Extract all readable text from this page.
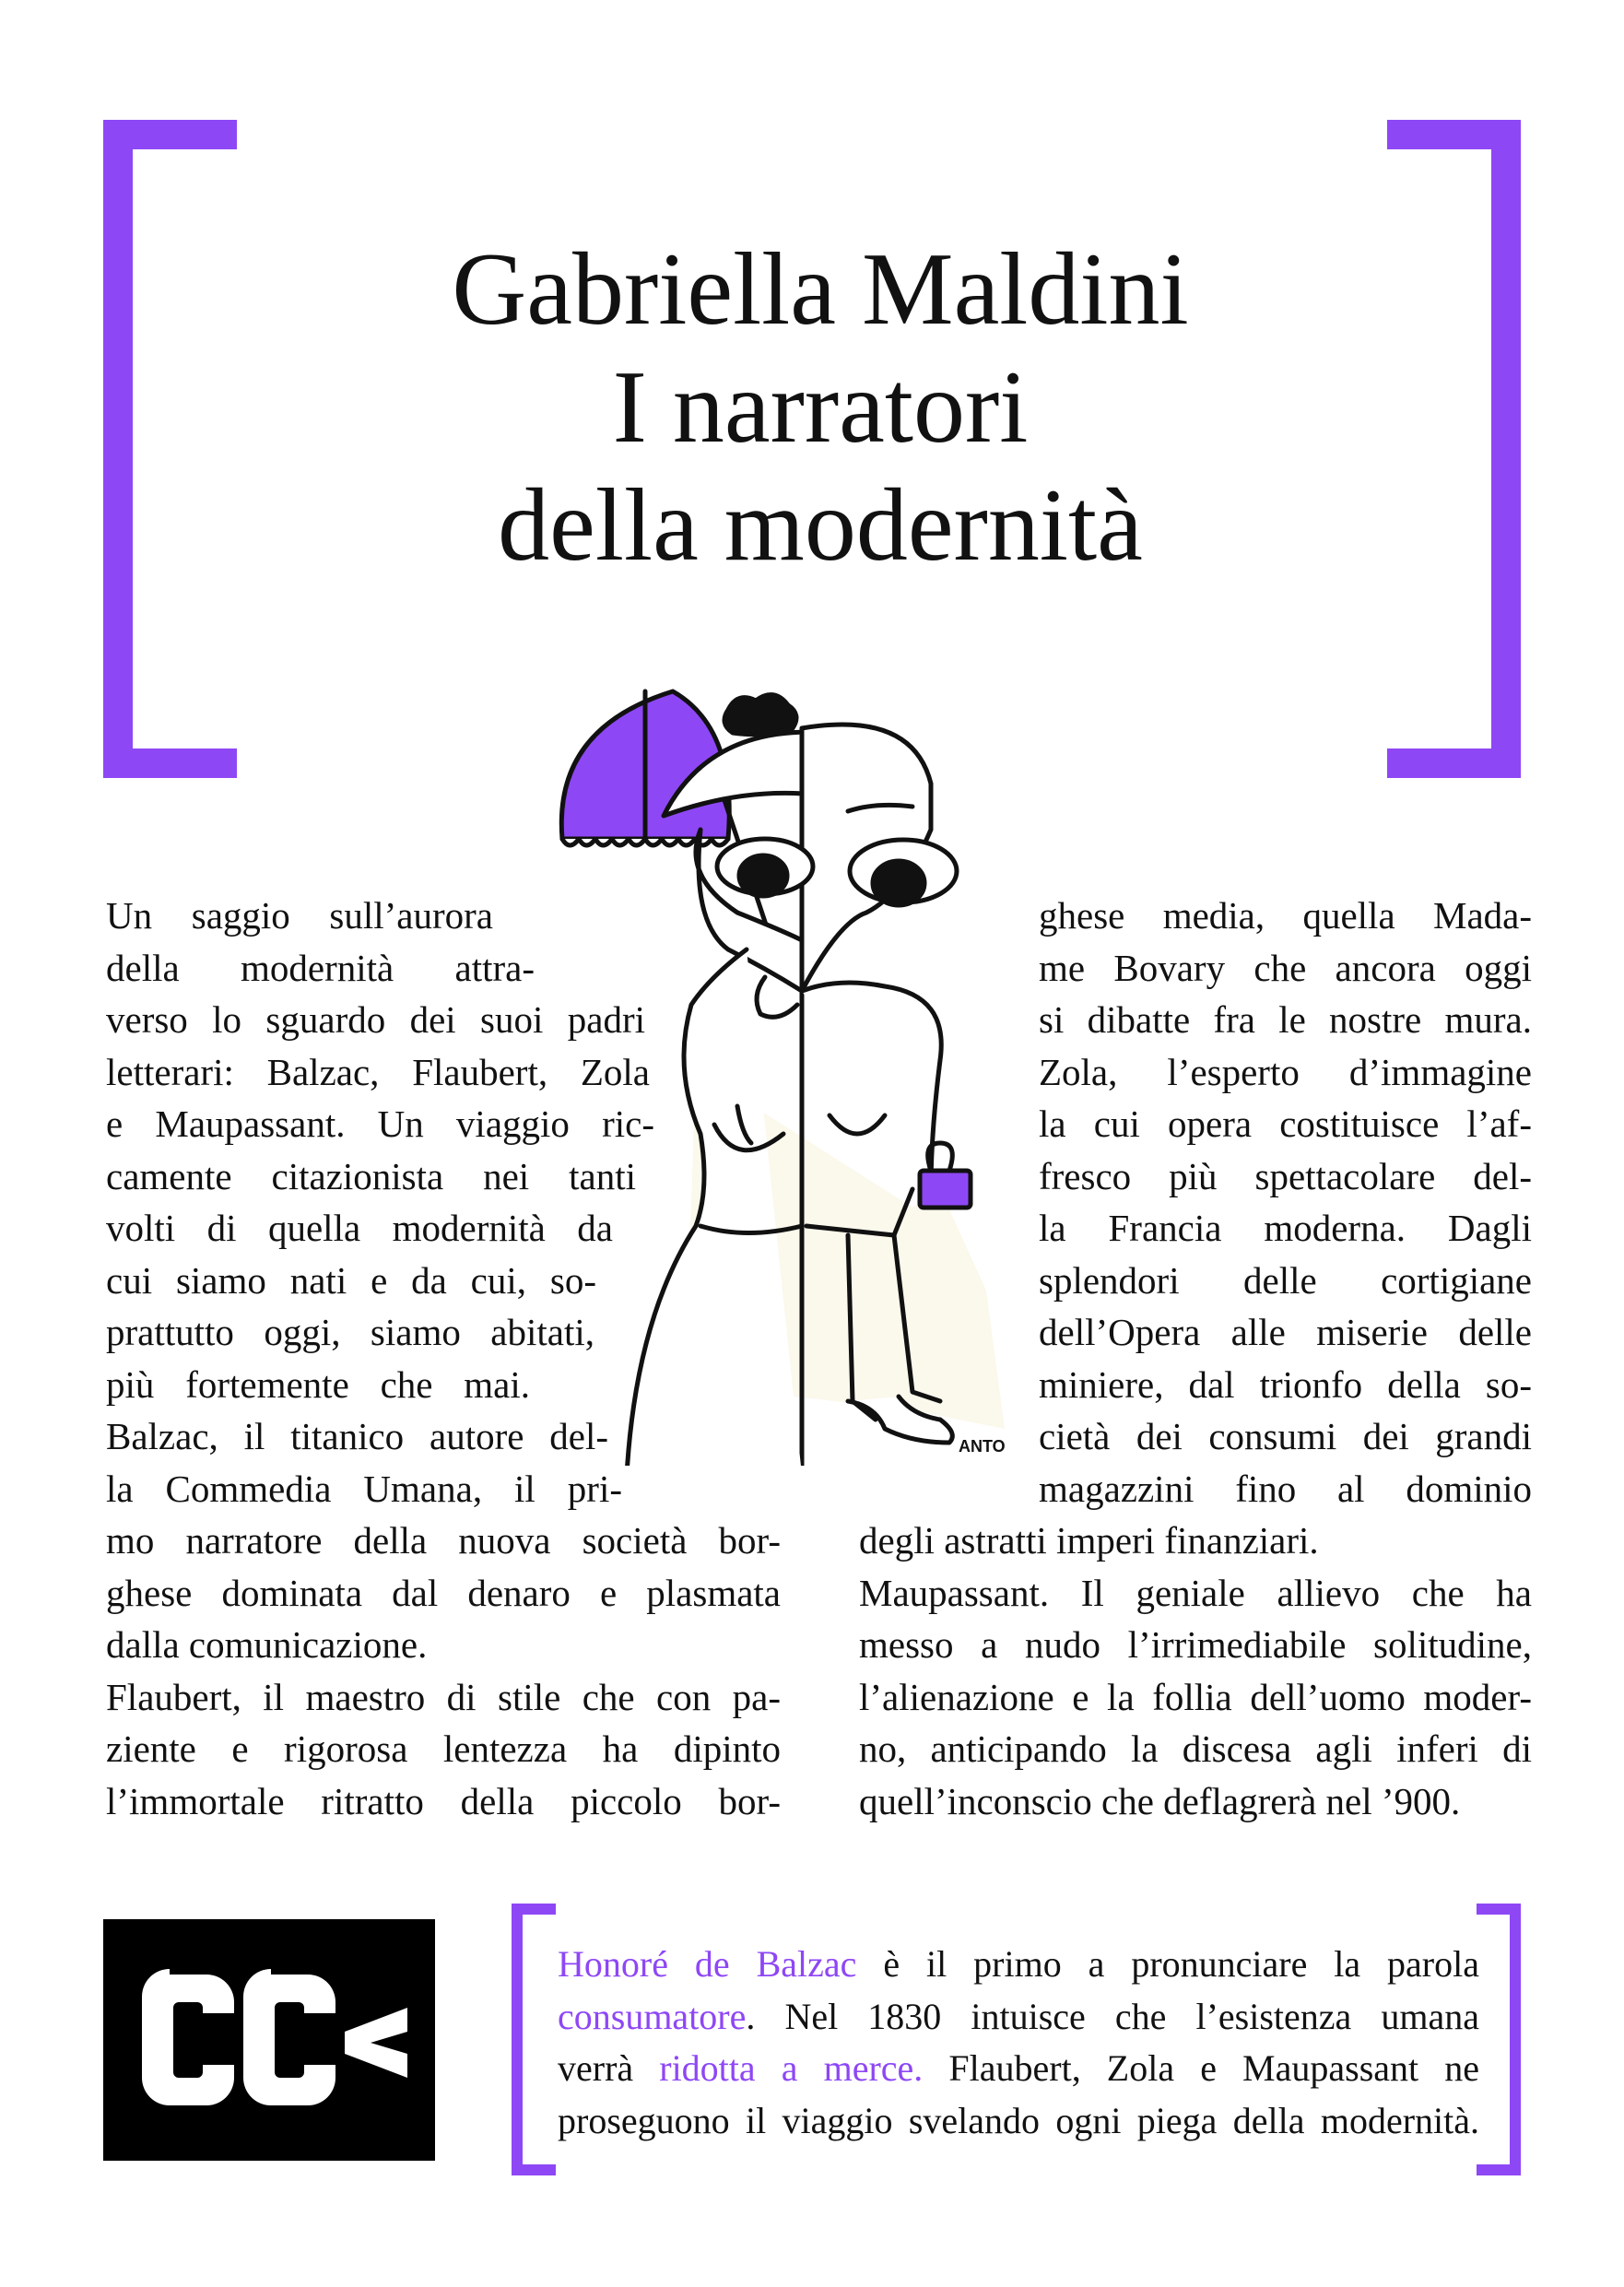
Gabriella Maldini
I narratori
della modernità
ANTO
Un saggio sull’aurora
della modernità attra-
verso lo sguardo dei suoi padri
letterari: Balzac, Flaubert, Zola
e Maupassant. Un viaggio ric-
camente citazionista nei tanti
volti di quella modernità da
cui siamo nati e da cui, so-
prattutto oggi, siamo abitati,
più fortemente che mai.
Balzac, il titanico autore del-
la Commedia Umana, il pri-
mo narratore della nuova società bor-
ghese dominata dal denaro e plasmata
dalla comunicazione.
Flaubert, il maestro di stile che con pa-
ziente e rigorosa lentezza ha dipinto
l’immortale ritratto della piccolo bor-
ghese media, quella Mada-
me Bovary che ancora oggi
si dibatte fra le nostre mura.
Zola, l’esperto d’immagine
la cui opera costituisce l’af-
fresco più spettacolare del-
la Francia moderna. Dagli
splendori delle cortigiane
dell’Opera alle miserie delle
miniere, dal trionfo della so-
cietà dei consumi dei grandi
magazzini fino al dominio
degli astratti imperi finanziari.
Maupassant. Il geniale allievo che ha
messo a nudo l’irrimediabile solitudine,
l’alienazione e la follia dell’uomo moder-
no, anticipando la discesa agli inferi di
quell’inconscio che deflagrerà nel ’900.
Honoré de Balzac è il primo a pronunciare la parola
consumatore. Nel 1830 intuisce che l’esistenza umana
verrà ridotta a merce. Flaubert, Zola e Maupassant ne
proseguono il viaggio svelando ogni piega della modernità.
